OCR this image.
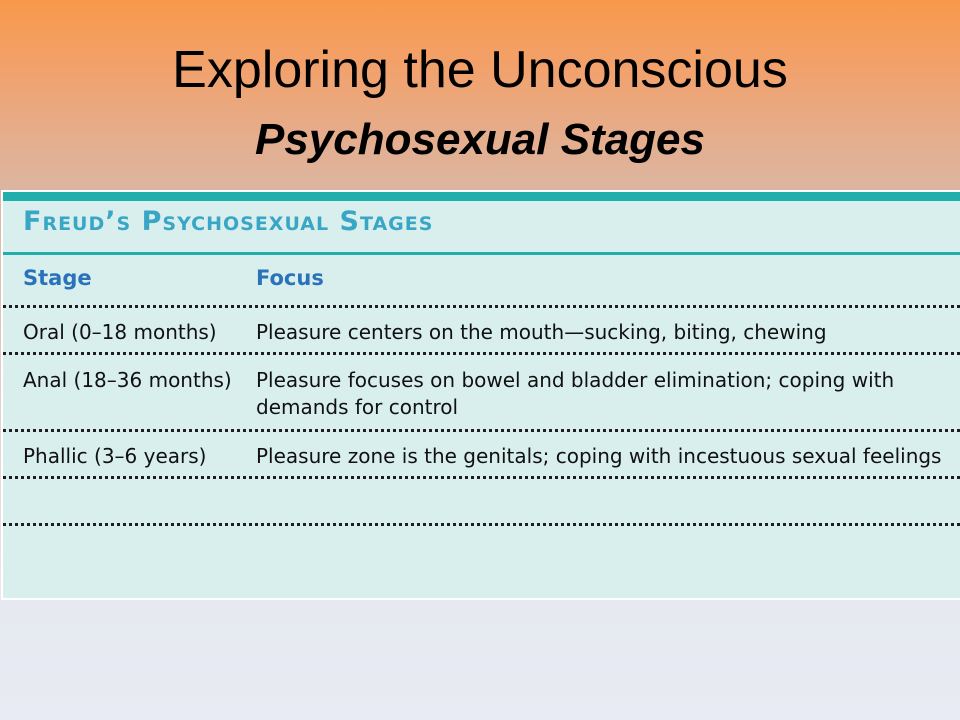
Exploring the Unconscious
Psychosexual Stages
Freud’s Psychosexual Stages
Stage	Focus
Oral (0–18 months) Pleasure centers on the mouth—sucking, biting, chewing
Anal (18–36 months) Pleasure focuses on bowel and bladder elimination; coping with demands for control
Phallic (3–6 years) Pleasure zone is the genitals; coping with incestuous sexual feelings
